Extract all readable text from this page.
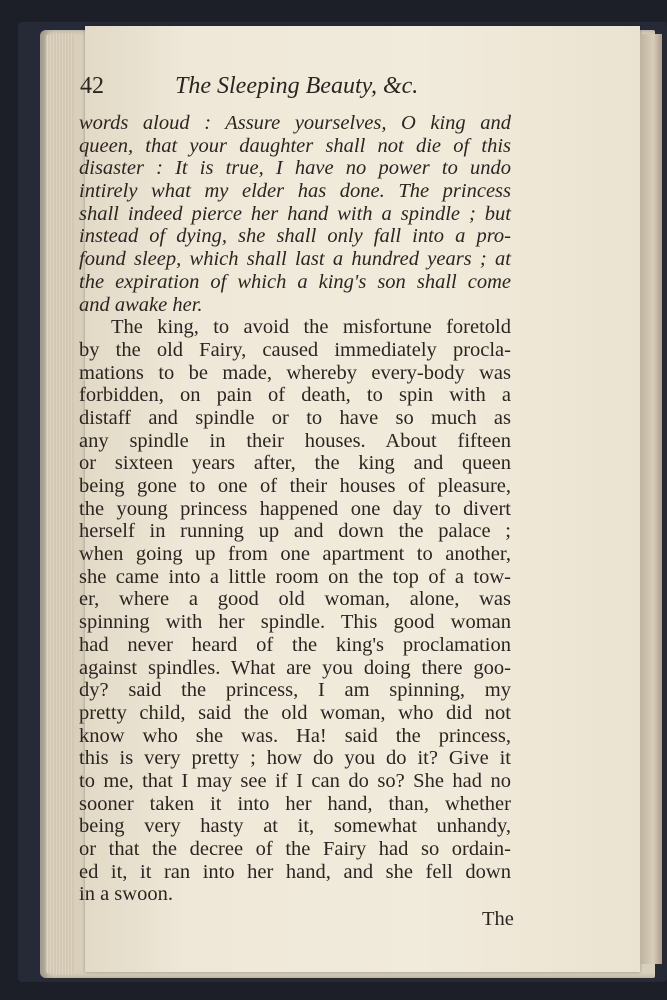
42	The Sleeping Beauty, &c.
words aloud : Assure yourselves, O king and
queen, that your daughter shall not die of this
disaster : It is true, I have no power to undo
intirely what my elder has done. The princess
shall indeed pierce her hand with a spindle ; but
instead of dying, she shall only fall into a pro-
found sleep, which shall last a hundred years ; at
the expiration of which a king's son shall come
and awake her.
The king, to avoid the misfortune foretold
by the old Fairy, caused immediately procla-
mations to be made, whereby every-body was
forbidden, on pain of death, to spin with a
distaff and spindle or to have so much as
any spindle in their houses. About fifteen
or sixteen years after, the king and queen
being gone to one of their houses of pleasure,
the young princess happened one day to divert
herself in running up and down the palace ;
when going up from one apartment to another,
she came into a little room on the top of a tow-
er, where a good old woman, alone, was
spinning with her spindle. This good woman
had never heard of the king's proclamation
against spindles. What are you doing there goo-
dy? said the princess, I am spinning, my
pretty child, said the old woman, who did not
know who she was. Ha! said the princess,
this is very pretty ; how do you do it? Give it
to me, that I may see if I can do so? She had no
sooner taken it into her hand, than, whether
being very hasty at it, somewhat unhandy,
or that the decree of the Fairy had so ordain-
ed it, it ran into her hand, and she fell down
in a swoon.
The
